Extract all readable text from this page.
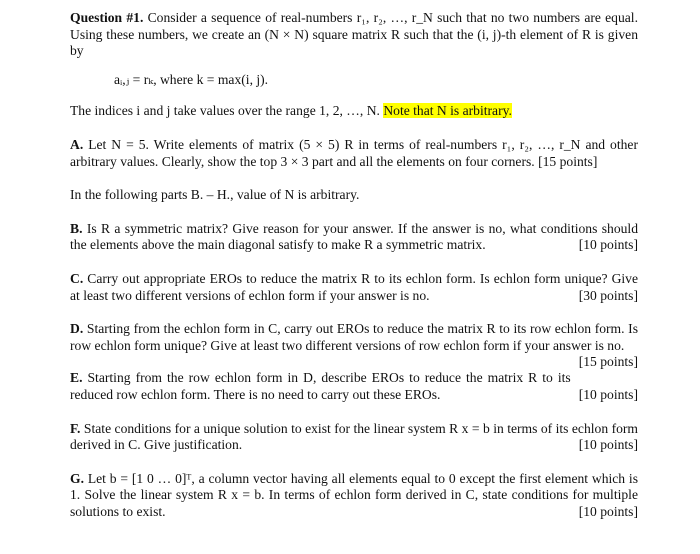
Question #1. Consider a sequence of real-numbers r₁, r₂, …, r_N such that no two numbers are equal. Using these numbers, we create an (N × N) square matrix R such that the (i, j)-th element of R is given by

aᵢ,ⱼ = rₖ, where k = max(i, j).

The indices i and j take values over the range 1, 2, …, N. Note that N is arbitrary.

A. Let N = 5. Write elements of matrix (5 × 5) R in terms of real-numbers r₁, r₂, …, r_N and other arbitrary values. Clearly, show the top 3 × 3 part and all the elements on four corners. [15 points]

In the following parts B. – H., value of N is arbitrary.

B. Is R a symmetric matrix? Give reason for your answer. If the answer is no, what conditions should the elements above the main diagonal satisfy to make R a symmetric matrix.	[10 points]

C. Carry out appropriate EROs to reduce the matrix R to its echlon form. Is echlon form unique? Give at least two different versions of echlon form if your answer is no.	[30 points]

D. Starting from the echlon form in C, carry out EROs to reduce the matrix R to its row echlon form. Is row echlon form unique? Give at least two different versions of row echlon form if your answer is no.
[15 points]

E. Starting from the row echlon form in D, describe EROs to reduce the matrix R to its reduced row echlon form. There is no need to carry out these EROs.	[10 points]

F. State conditions for a unique solution to exist for the linear system R x = b in terms of its echlon form derived in C. Give justification.	[10 points]

G. Let b = [1 0 … 0]ᵀ, a column vector having all elements equal to 0 except the first element which is 1. Solve the linear system R x = b. In terms of echlon form derived in C, state conditions for multiple solutions to exist.	[10 points]
